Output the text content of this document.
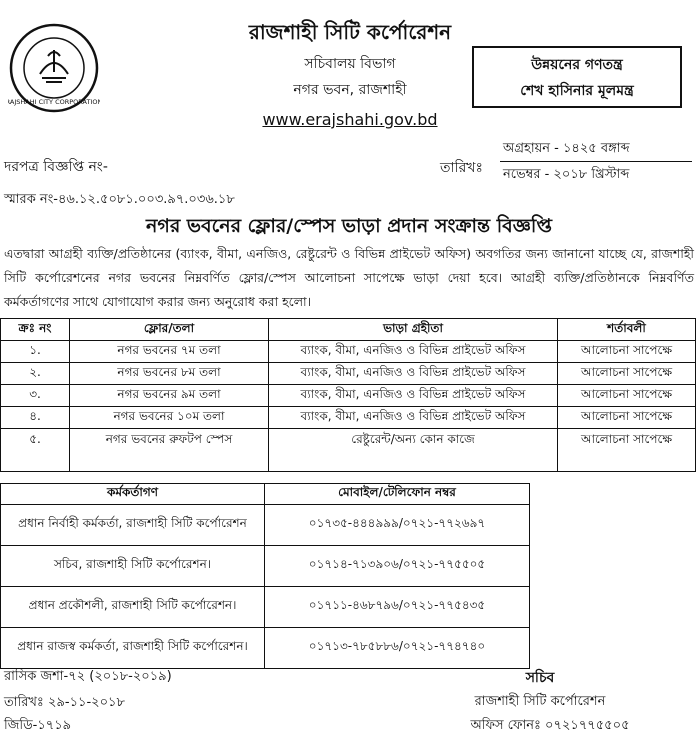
RAJSHAHI CITY CORPORATION
রাজশাহী সিটি কর্পোরেশন
সচিবালয় বিভাগ
নগর ভবন, রাজশাহী
www.erajshahi.gov.bd
উন্নয়নের গণতন্ত্র
শেখ হাসিনার মূলমন্ত্র
দরপত্র বিজ্ঞপ্তি নং-	তারিখঃ
অগ্রহায়ন - ১৪২৫ বঙ্গাব্দ
নভেম্বর - ২০১৮ খ্রিস্টাব্দ
স্মারক নং-৪৬.১২.৫০৮১.০০৩.৯৭.০৩৬.১৮
নগর ভবনের ফ্লোর/স্পেস ভাড়া প্রদান সংক্রান্ত বিজ্ঞপ্তি
এতদ্বারা আগ্রহী ব্যক্তি/প্রতিষ্ঠানের (ব্যাংক, বীমা, এনজিও, রেষ্টুরেন্ট ও বিভিন্ন প্রাইভেট অফিস) অবগতির জন্য জানানো যাচ্ছে যে, রাজশাহী সিটি কর্পোরেশনের নগর ভবনের নিম্নবর্ণিত ফ্লোর/স্পেস আলোচনা সাপেক্ষে ভাড়া দেয়া হবে। আগ্রহী ব্যক্তি/প্রতিষ্ঠানকে নিম্নবর্ণিত কর্মকর্তাগণের সাথে যোগাযোগ করার জন্য অনুরোধ করা হলো।
ক্রঃ নং	ফ্লোর/তলা	ভাড়া গ্রহীতা	শর্তাবলী
১.	নগর ভবনের ৭ম তলা	ব্যাংক, বীমা, এনজিও ও বিভিন্ন প্রাইভেট অফিস	আলোচনা সাপেক্ষে
২.	নগর ভবনের ৮ম তলা	ব্যাংক, বীমা, এনজিও ও বিভিন্ন প্রাইভেট অফিস	আলোচনা সাপেক্ষে
৩.	নগর ভবনের ৯ম তলা	ব্যাংক, বীমা, এনজিও ও বিভিন্ন প্রাইভেট অফিস	আলোচনা সাপেক্ষে
৪.	নগর ভবনের ১০ম তলা	ব্যাংক, বীমা, এনজিও ও বিভিন্ন প্রাইভেট অফিস	আলোচনা সাপেক্ষে
৫.	নগর ভবনের রুফটপ স্পেস	রেষ্টুরেন্ট/অন্য কোন কাজে	আলোচনা সাপেক্ষে
কর্মকর্তাগণ	মোবাইল/টেলিফোন নম্বর
প্রধান নির্বাহী কর্মকর্তা, রাজশাহী সিটি কর্পোরেশন	০১৭৩৫-৪৪৪৯৯৯/০৭২১-৭৭২৬৯৭
সচিব, রাজশাহী সিটি কর্পোরেশন।	০১৭১৪-৭১৩৯০৬/০৭২১-৭৭৫৫০৫
প্রধান প্রকৌশলী, রাজশাহী সিটি কর্পোরেশন।	০১৭১১-৪৬৮৭৯৬/০৭২১-৭৭৫৪৩৫
প্রধান রাজস্ব কর্মকর্তা, রাজশাহী সিটি কর্পোরেশন।	০১৭১৩-৭৮৫৮৮৬/০৭২১-৭৭৪৭৪০
রাসিক জশা-৭২ (২০১৮-২০১৯)
তারিখঃ ২৯-১১-২০১৮
জিডি-১৭১৯
সচিব
রাজশাহী সিটি কর্পোরেশন
অফিস ফোনঃ ০৭২১৭৭৫৫০৫
